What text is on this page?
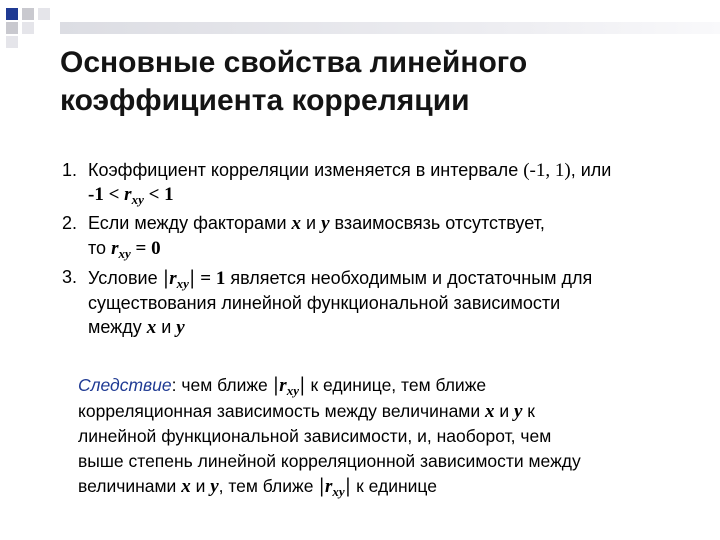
Основные свойства линейного
коэффициента корреляции
1. Коэффициент корреляции изменяется в интервале (-1, 1), или
$-1 < r_{xy} < 1$
2. Если между факторами x и y взаимосвязь отсутствует,
то $r_{xy} = 0$
3. Условие $|r_{xy}| = 1$ является необходимым и достаточным для
существования линейной функциональной зависимости
между x и y
Следствие: чем ближе $|r_{xy}|$ к единице, тем ближе
корреляционная зависимость между величинами x и y к
линейной функциональной зависимости, и, наоборот, чем
выше степень линейной корреляционной зависимости между
величинами x и y, тем ближе $|r_{xy}|$ к единице
